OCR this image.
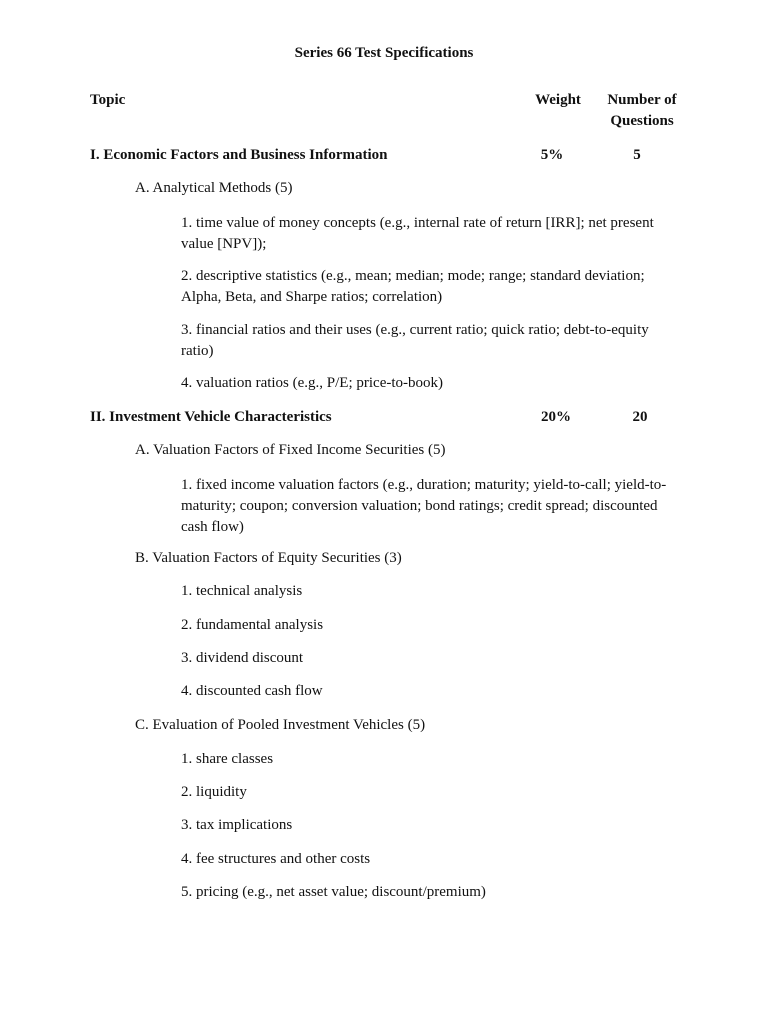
Series 66 Test Specifications
Topic	Weight	Number of
Questions
I. Economic Factors and Business Information	5%	5
A. Analytical Methods (5)
1. time value of money concepts (e.g., internal rate of return [IRR]; net present value [NPV]);
2. descriptive statistics (e.g., mean; median; mode; range; standard deviation; Alpha, Beta, and Sharpe ratios; correlation)
3. financial ratios and their uses (e.g., current ratio; quick ratio; debt-to-equity ratio)
4. valuation ratios (e.g., P/E; price-to-book)
II. Investment Vehicle Characteristics	20%	20
A. Valuation Factors of Fixed Income Securities (5)
1. fixed income valuation factors (e.g., duration; maturity; yield-to-call; yield-to-maturity; coupon; conversion valuation; bond ratings; credit spread; discounted cash flow)
B. Valuation Factors of Equity Securities (3)
1. technical analysis
2. fundamental analysis
3. dividend discount
4. discounted cash flow
C. Evaluation of Pooled Investment Vehicles (5)
1. share classes
2. liquidity
3. tax implications
4. fee structures and other costs
5. pricing (e.g., net asset value; discount/premium)
